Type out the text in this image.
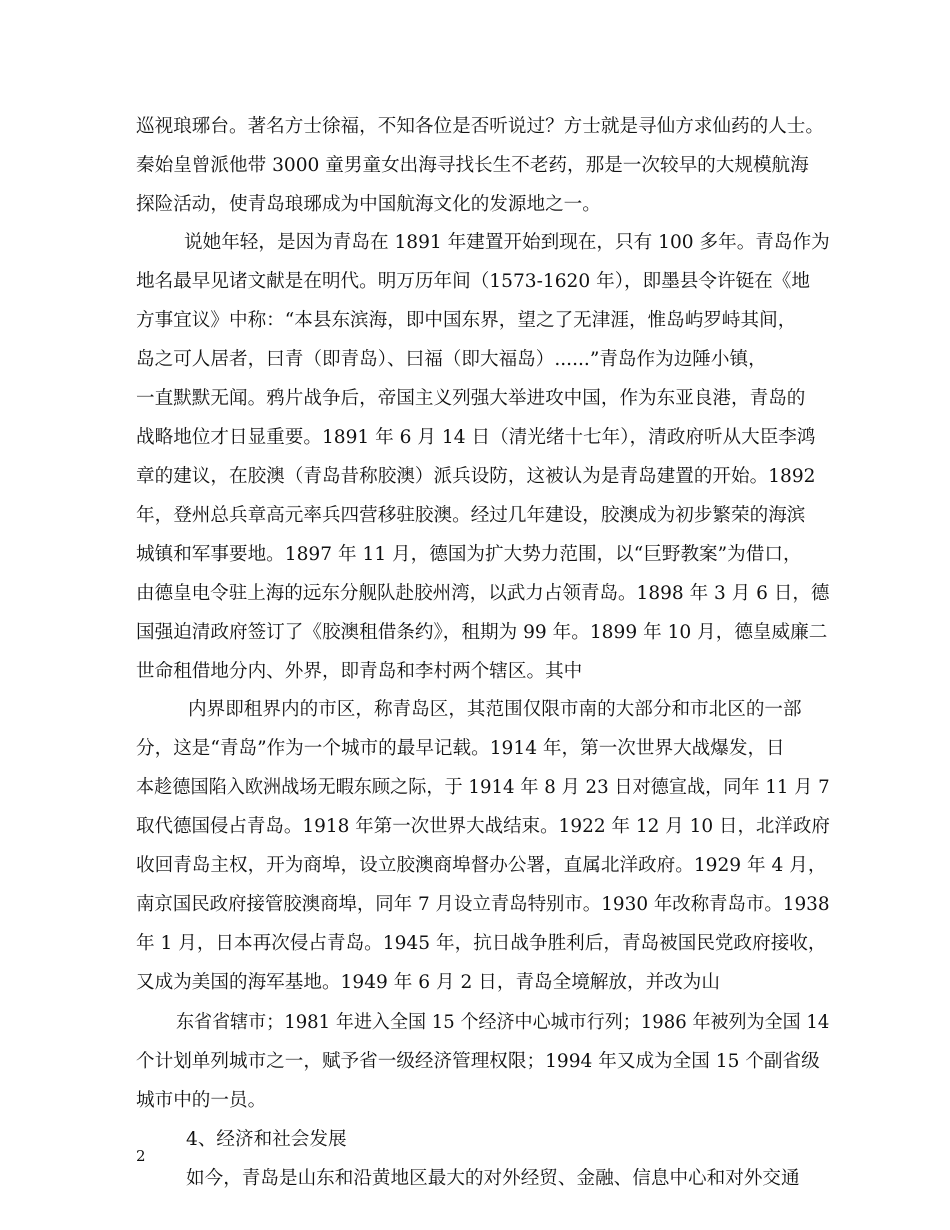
巡视琅琊台。著名方士徐福，不知各位是否听说过？方士就是寻仙方求仙药的人士。
秦始皇曾派他带 3000 童男童女出海寻找长生不老药，那是一次较早的大规模航海
探险活动，使青岛琅琊成为中国航海文化的发源地之一。
说她年轻，是因为青岛在 1891 年建置开始到现在，只有 100 多年。青岛作为
地名最早见诸文献是在明代。明万历年间（1573-1620 年），即墨县令许铤在《地
方事宜议》中称：“本县东滨海，即中国东界，望之了无津涯，惟岛屿罗峙其间，
岛之可人居者，曰青（即青岛）、曰福（即大福岛）......”青岛作为边陲小镇，
一直默默无闻。鸦片战争后，帝国主义列强大举进攻中国，作为东亚良港，青岛的
战略地位才日显重要。1891 年 6 月 14 日（清光绪十七年），清政府听从大臣李鸿
章的建议，在胶澳（青岛昔称胶澳）派兵设防，这被认为是青岛建置的开始。1892
年，登州总兵章高元率兵四营移驻胶澳。经过几年建设，胶澳成为初步繁荣的海滨
城镇和军事要地。1897 年 11 月，德国为扩大势力范围，以“巨野教案”为借口，
由德皇电令驻上海的远东分舰队赴胶州湾，以武力占领青岛。1898 年 3 月 6 日，德
国强迫清政府签订了《胶澳租借条约》，租期为 99 年。1899 年 10 月，德皇威廉二
世命租借地分内、外界，即青岛和李村两个辖区。其中
内界即租界内的市区，称青岛区，其范围仅限市南的大部分和市北区的一部
分，这是“青岛”作为一个城市的最早记载。1914 年，第一次世界大战爆发，日
本趁德国陷入欧洲战场无暇东顾之际，于 1914 年 8 月 23 日对德宣战，同年 11 月 7
取代德国侵占青岛。1918 年第一次世界大战结束。1922 年 12 月 10 日，北洋政府
收回青岛主权，开为商埠，设立胶澳商埠督办公署，直属北洋政府。1929 年 4 月，
南京国民政府接管胶澳商埠，同年 7 月设立青岛特别市。1930 年改称青岛市。1938
年 1 月，日本再次侵占青岛。1945 年，抗日战争胜利后，青岛被国民党政府接收，
又成为美国的海军基地。1949 年 6 月 2 日，青岛全境解放，并改为山
东省省辖市；1981 年进入全国 15 个经济中心城市行列；1986 年被列为全国 14
个计划单列城市之一，赋予省一级经济管理权限；1994 年又成为全国 15 个副省级
城市中的一员。
4、经济和社会发展
如今，青岛是山东和沿黄地区最大的对外经贸、金融、信息中心和对外交通
2
